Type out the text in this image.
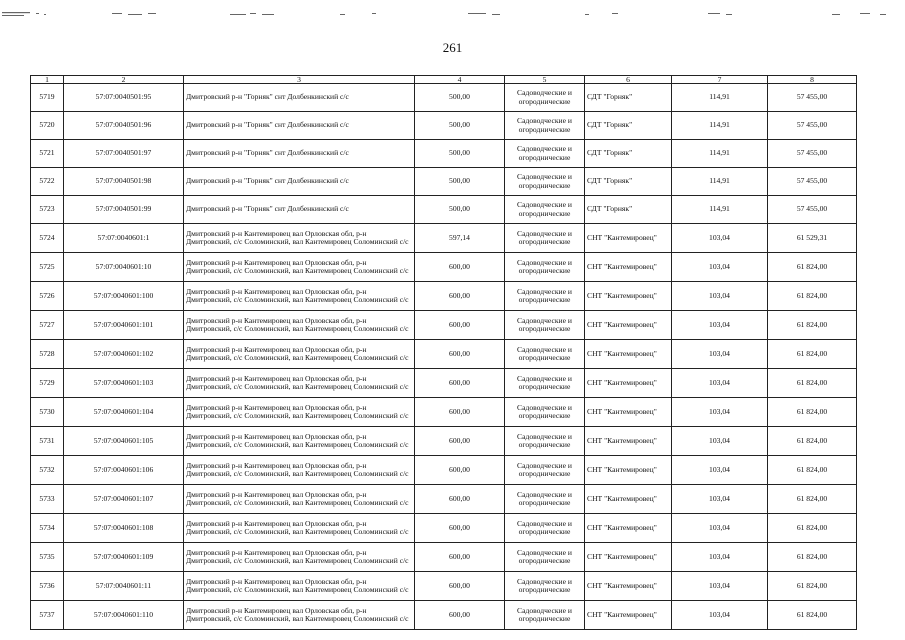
261
1	2	3	4	5	6	7	8
5719	57:07:0040501:95	Дмитровский р-н "Горняк" снт Долбенкинский с/с	500,00	Садоводческие и огороднические	СДТ "Горняк"	114,91	57 455,00
5720	57:07:0040501:96	Дмитровский р-н "Горняк" снт Долбенкинский с/с	500,00	Садоводческие и огороднические	СДТ "Горняк"	114,91	57 455,00
5721	57:07:0040501:97	Дмитровский р-н "Горняк" снт Долбенкинский с/с	500,00	Садоводческие и огороднические	СДТ "Горняк"	114,91	57 455,00
5722	57:07:0040501:98	Дмитровский р-н "Горняк" снт Долбенкинский с/с	500,00	Садоводческие и огороднические	СДТ "Горняк"	114,91	57 455,00
5723	57:07:0040501:99	Дмитровский р-н "Горняк" снт Долбенкинский с/с	500,00	Садоводческие и огороднические	СДТ "Горняк"	114,91	57 455,00
5724	57:07:0040601:1	Дмитровский р-н Кантемировец вал Орловская обл, р-н Дмитровский, с/с Соломинский, вал Кантемировец Соломинский с/с	597,14	Садоводческие и огороднические	СНТ "Кантемировец"	103,04	61 529,31
5725	57:07:0040601:10	Дмитровский р-н Кантемировец вал Орловская обл, р-н Дмитровский, с/с Соломинский, вал Кантемировец Соломинский с/с	600,00	Садоводческие и огороднические	СНТ "Кантемировец"	103,04	61 824,00
5726	57:07:0040601:100	Дмитровский р-н Кантемировец вал Орловская обл, р-н Дмитровский, с/с Соломинский, вал Кантемировец Соломинский с/с	600,00	Садоводческие и огороднические	СНТ "Кантемировец"	103,04	61 824,00
5727	57:07:0040601:101	Дмитровский р-н Кантемировец вал Орловская обл, р-н Дмитровский, с/с Соломинский, вал Кантемировец Соломинский с/с	600,00	Садоводческие и огороднические	СНТ "Кантемировец"	103,04	61 824,00
5728	57:07:0040601:102	Дмитровский р-н Кантемировец вал Орловская обл, р-н Дмитровский, с/с Соломинский, вал Кантемировец Соломинский с/с	600,00	Садоводческие и огороднические	СНТ "Кантемировец"	103,04	61 824,00
5729	57:07:0040601:103	Дмитровский р-н Кантемировец вал Орловская обл, р-н Дмитровский, с/с Соломинский, вал Кантемировец Соломинский с/с	600,00	Садоводческие и огороднические	СНТ "Кантемировец"	103,04	61 824,00
5730	57:07:0040601:104	Дмитровский р-н Кантемировец вал Орловская обл, р-н Дмитровский, с/с Соломинский, вал Кантемировец Соломинский с/с	600,00	Садоводческие и огороднические	СНТ "Кантемировец"	103,04	61 824,00
5731	57:07:0040601:105	Дмитровский р-н Кантемировец вал Орловская обл, р-н Дмитровский, с/с Соломинский, вал Кантемировец Соломинский с/с	600,00	Садоводческие и огороднические	СНТ "Кантемировец"	103,04	61 824,00
5732	57:07:0040601:106	Дмитровский р-н Кантемировец вал Орловская обл, р-н Дмитровский, с/с Соломинский, вал Кантемировец Соломинский с/с	600,00	Садоводческие и огороднические	СНТ "Кантемировец"	103,04	61 824,00
5733	57:07:0040601:107	Дмитровский р-н Кантемировец вал Орловская обл, р-н Дмитровский, с/с Соломинский, вал Кантемировец Соломинский с/с	600,00	Садоводческие и огороднические	СНТ "Кантемировец"	103,04	61 824,00
5734	57:07:0040601:108	Дмитровский р-н Кантемировец вал Орловская обл, р-н Дмитровский, с/с Соломинский, вал Кантемировец Соломинский с/с	600,00	Садоводческие и огороднические	СНТ "Кантемировец"	103,04	61 824,00
5735	57:07:0040601:109	Дмитровский р-н Кантемировец вал Орловская обл, р-н Дмитровский, с/с Соломинский, вал Кантемировец Соломинский с/с	600,00	Садоводческие и огороднические	СНТ "Кантемировец"	103,04	61 824,00
5736	57:07:0040601:11	Дмитровский р-н Кантемировец вал Орловская обл, р-н Дмитровский, с/с Соломинский, вал Кантемировец Соломинский с/с	600,00	Садоводческие и огороднические	СНТ "Кантемировец"	103,04	61 824,00
5737	57:07:0040601:110	Дмитровский р-н Кантемировец вал Орловская обл, р-н Дмитровский, с/с Соломинский, вал Кантемировец Соломинский с/с	600,00	Садоводческие и огороднические	СНТ "Кантемировец"	103,04	61 824,00
